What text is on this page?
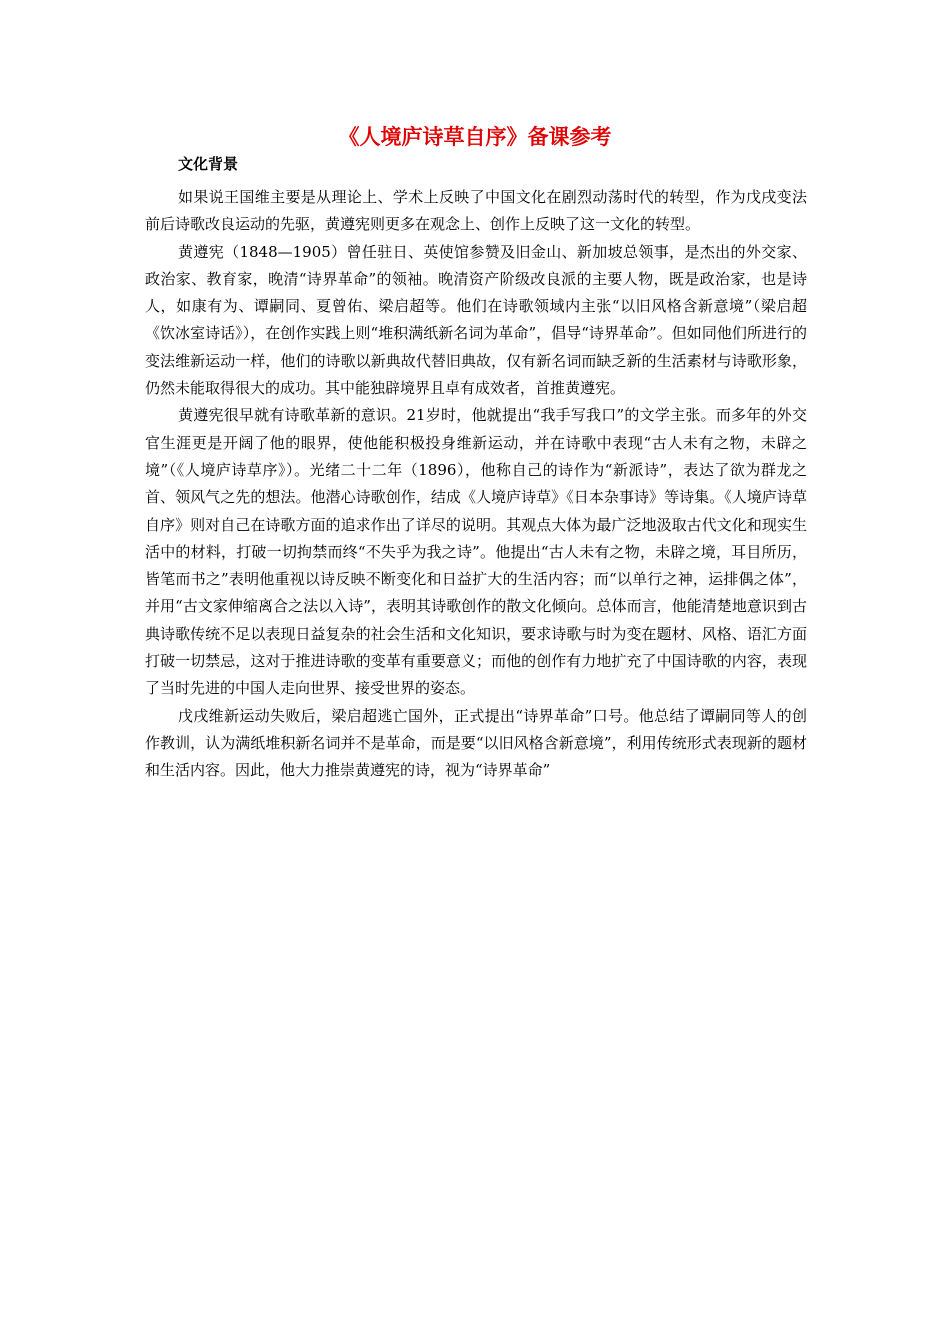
《人境庐诗草自序》备课参考
文化背景

如果说王国维主要是从理论上、学术上反映了中国文化在剧烈动荡时代的转型，作为戊戌变法前后诗歌改良运动的先驱，黄遵宪则更多在观念上、创作上反映了这一文化的转型。

黄遵宪（1848—1905）曾任驻日、英使馆参赞及旧金山、新加坡总领事，是杰出的外交家、政治家、教育家，晚清“诗界革命”的领袖。晚清资产阶级改良派的主要人物，既是政治家，也是诗人，如康有为、谭嗣同、夏曾佑、梁启超等。他们在诗歌领域内主张“以旧风格含新意境”（梁启超《饮冰室诗话》），在创作实践上则“堆积满纸新名词为革命”，倡导“诗界革命”。但如同他们所进行的变法维新运动一样，他们的诗歌以新典故代替旧典故，仅有新名词而缺乏新的生活素材与诗歌形象，仍然未能取得很大的成功。其中能独辟境界且卓有成效者，首推黄遵宪。

黄遵宪很早就有诗歌革新的意识。21岁时，他就提出“我手写我口”的文学主张。而多年的外交官生涯更是开阔了他的眼界，使他能积极投身维新运动，并在诗歌中表现“古人未有之物，未辟之境”（《人境庐诗草序》）。光绪二十二年（1896），他称自己的诗作为“新派诗”，表达了欲为群龙之首、领风气之先的想法。他潜心诗歌创作，结成《人境庐诗草》《日本杂事诗》等诗集。《人境庐诗草自序》则对自己在诗歌方面的追求作出了详尽的说明。其观点大体为最广泛地汲取古代文化和现实生活中的材料，打破一切拘禁而终“不失乎为我之诗”。他提出“古人未有之物，未辟之境，耳目所历，皆笔而书之”表明他重视以诗反映不断变化和日益扩大的生活内容；而“以单行之神，运排偶之体”，并用“古文家伸缩离合之法以入诗”，表明其诗歌创作的散文化倾向。总体而言，他能清楚地意识到古典诗歌传统不足以表现日益复杂的社会生活和文化知识，要求诗歌与时为变在题材、风格、语汇方面打破一切禁忌，这对于推进诗歌的变革有重要意义；而他的创作有力地扩充了中国诗歌的内容，表现了当时先进的中国人走向世界、接受世界的姿态。

戊戌维新运动失败后，梁启超逃亡国外，正式提出“诗界革命”口号。他总结了谭嗣同等人的创作教训，认为满纸堆积新名词并不是革命，而是要“以旧风格含新意境”，利用传统形式表现新的题材和生活内容。因此，他大力推崇黄遵宪的诗，视为“诗界革命”
